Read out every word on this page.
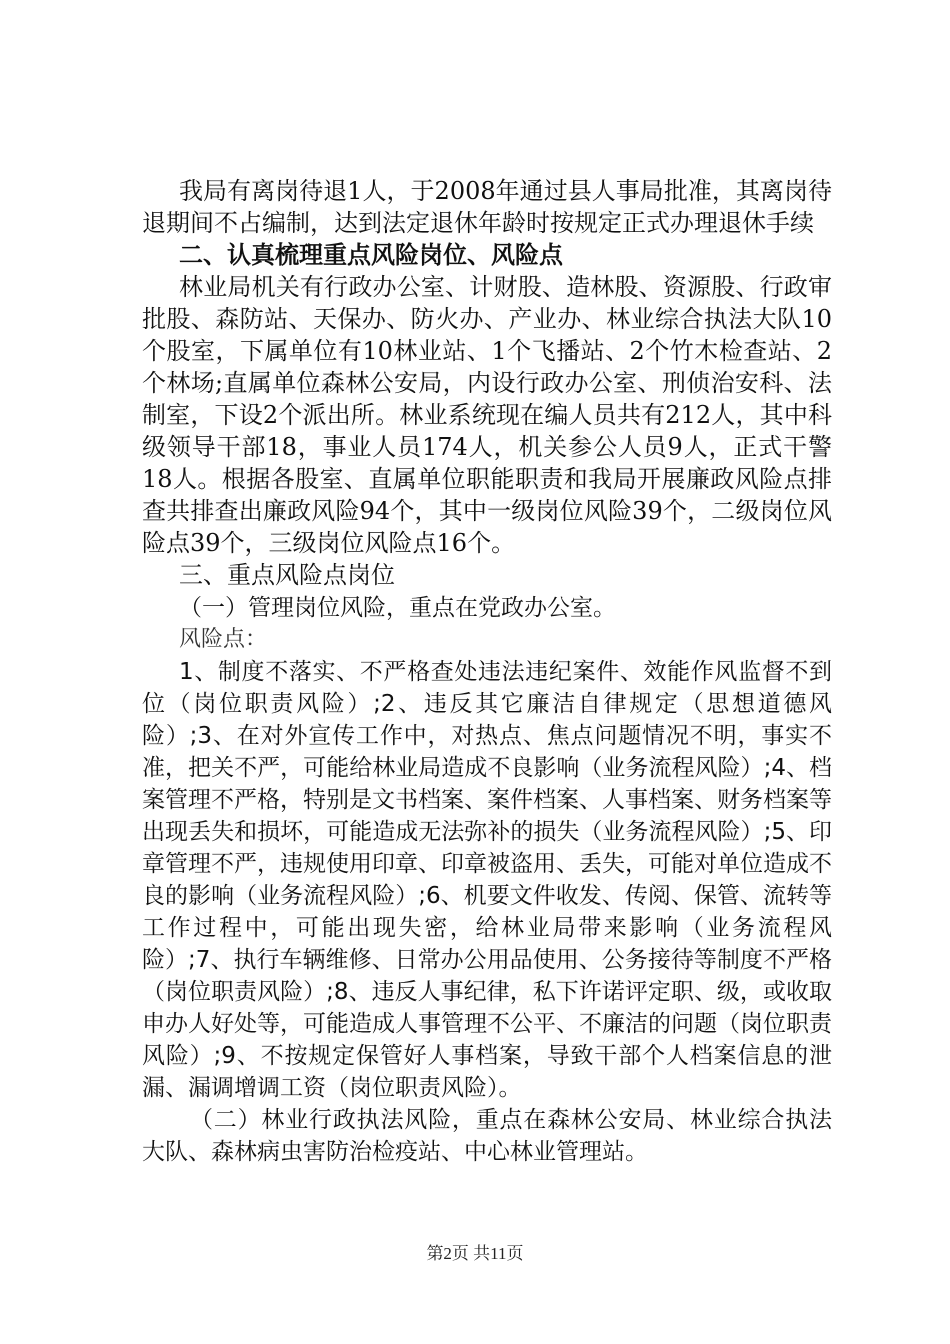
我局有离岗待退1人，于2008年通过县人事局批准，其离岗待退期间不占编制，达到法定退休年龄时按规定正式办理退休手续

二、认真梳理重点风险岗位、风险点

林业局机关有行政办公室、计财股、造林股、资源股、行政审批股、森防站、天保办、防火办、产业办、林业综合执法大队10个股室，下属单位有10林业站、1个飞播站、2个竹木检查站、2个林场;直属单位森林公安局，内设行政办公室、刑侦治安科、法制室，下设2个派出所。林业系统现在编人员共有212人，其中科级领导干部18，事业人员174人，机关参公人员9人，正式干警18人。根据各股室、直属单位职能职责和我局开展廉政风险点排查共排查出廉政风险94个，其中一级岗位风险39个，二级岗位风险点39个，三级岗位风险点16个。

三、重点风险点岗位

（一）管理岗位风险，重点在党政办公室。

风险点：

1、制度不落实、不严格查处违法违纪案件、效能作风监督不到位（岗位职责风险）;2、违反其它廉洁自律规定（思想道德风险）;3、在对外宣传工作中，对热点、焦点问题情况不明，事实不准，把关不严，可能给林业局造成不良影响（业务流程风险）;4、档案管理不严格，特别是文书档案、案件档案、人事档案、财务档案等出现丢失和损坏，可能造成无法弥补的损失（业务流程风险）;5、印章管理不严，违规使用印章、印章被盗用、丢失，可能对单位造成不良的影响（业务流程风险）;6、机要文件收发、传阅、保管、流转等工作过程中，可能出现失密，给林业局带来影响（业务流程风险）;7、执行车辆维修、日常办公用品使用、公务接待等制度不严格（岗位职责风险）;8、违反人事纪律，私下许诺评定职、级，或收取申办人好处等，可能造成人事管理不公平、不廉洁的问题（岗位职责风险）;9、不按规定保管好人事档案，导致干部个人档案信息的泄漏、漏调增调工资（岗位职责风险）。

（二）林业行政执法风险，重点在森林公安局、林业综合执法大队、森林病虫害防治检疫站、中心林业管理站。

第2页 共11页
